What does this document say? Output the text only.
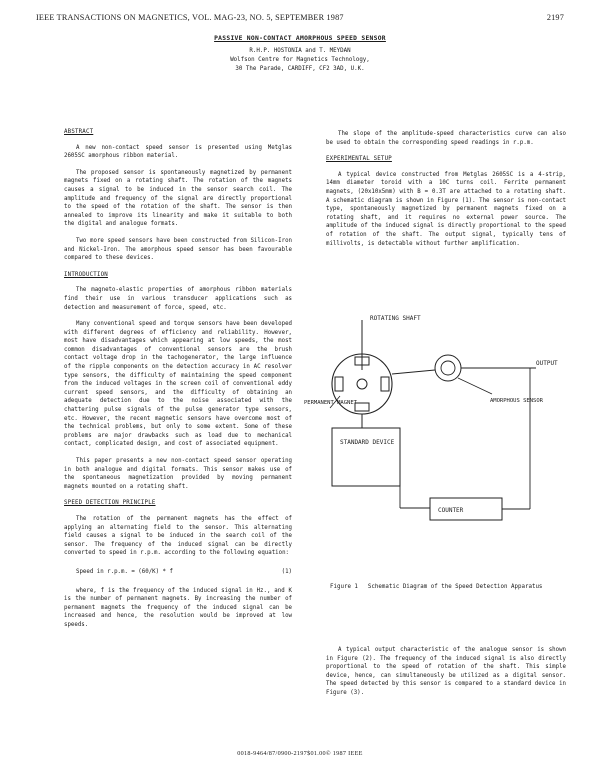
IEEE TRANSACTIONS ON MAGNETICS, VOL. MAG-23, NO. 5, SEPTEMBER 1987	2197
PASSIVE NON-CONTACT AMORPHOUS SPEED SENSOR
R.H.P. HOSTONIA and T. MEYDAN
Wolfson Centre for Magnetics Technology,
30 The Parade, CARDIFF, CF2 3AD, U.K.
ABSTRACT

A new non-contact speed sensor is presented using Metglas 2605SC amorphous ribbon material.

The proposed sensor is spontaneously magnetized by permanent magnets fixed on a rotating shaft. The rotation of the magnets causes a signal to be induced in the sensor search coil. The amplitude and frequency of the signal are directly proportional to the speed of the rotation of the shaft. The sensor is then annealed to improve its linearity and make it suitable to both the digital and analogue formats.

Two more speed sensors have been constructed from Silicon-Iron and Nickel-Iron. The amorphous speed sensor has been favourable compared to these devices.

INTRODUCTION

The magneto-elastic properties of amorphous ribbon materials find their use in various transducer applications such as detection and measurement of force, speed, etc.

Many conventional speed and torque sensors have been developed with different degrees of efficiency and reliability. However, most have disadvantages which appearing at low speeds, the most common disadvantages of conventional sensors are the brush contact voltage drop in the tachogenerator, the large influence of the ripple components on the detection accuracy in AC resolver type sensors, the difficulty of maintaining the speed component from the induced voltages in the screen coil of conventional eddy current speed sensors, and the difficulty of obtaining an adequate detection due to the noise associated with the chattering pulse signals of the pulse generator type sensors, etc. However, the recent magnetic sensors have overcome most of the technical problems, but only to some extent. Some of these problems are major drawbacks such as load due to mechanical contact, complicated design, and cost of associated equipment.

This paper presents a new non-contact speed sensor operating in both analogue and digital formats. This sensor makes use of the spontaneous magnetization provided by moving permanent magnets mounted on a rotating shaft.

SPEED DETECTION PRINCIPLE

The rotation of the permanent magnets has the effect of applying an alternating field to the sensor. This alternating field causes a signal to be induced in the search coil of the sensor. The frequency of the induced signal can be directly converted to speed in r.p.m. according to the following equation:

Speed in r.p.m. = (60/K) * f	(1)

where, f is the frequency of the induced signal in Hz., and K is the number of permanent magnets. By increasing the number of permanent magnets the frequency of the induced signal can be increased and hence, the resolution would be improved at low speeds.

The slope of the amplitude-speed characteristics curve can also be used to obtain the corresponding speed readings in r.p.m.

EXPERIMENTAL SETUP

A typical device constructed from Metglas 2605SC is a 4-strip, 14mm diameter toroid with a 10C turns coil. Ferrite permanent magnets, (20x10x5mm) with B = 0.3T are attached to a rotating shaft. A schematic diagram is shown in Figure (1). The sensor is non-contact type, spontaneously magnetized by permanent magnets fixed on a rotating shaft, and it requires no external power source. The amplitude of the induced signal is directly proportional to the speed of rotation of the shaft. The output signal, typically tens of millivolts, is detectable without further amplification.

ROTATING SHAFT
PERMANENT MAGNET
OUTPUT
AMORPHOUS SENSOR
STANDARD DEVICE
COUNTER
Figure 1 Schematic Diagram of the Speed Detection Apparatus

A typical output characteristic of the analogue sensor is shown in Figure (2). The frequency of the induced signal is also directly proportional to the speed of rotation of the shaft. This simple device, hence, can simultaneously be utilized as a digital sensor. The speed detected by this sensor is compared to a standard device in Figure (3).

0018-9464/87/0900-2197$01.00© 1987 IEEE
